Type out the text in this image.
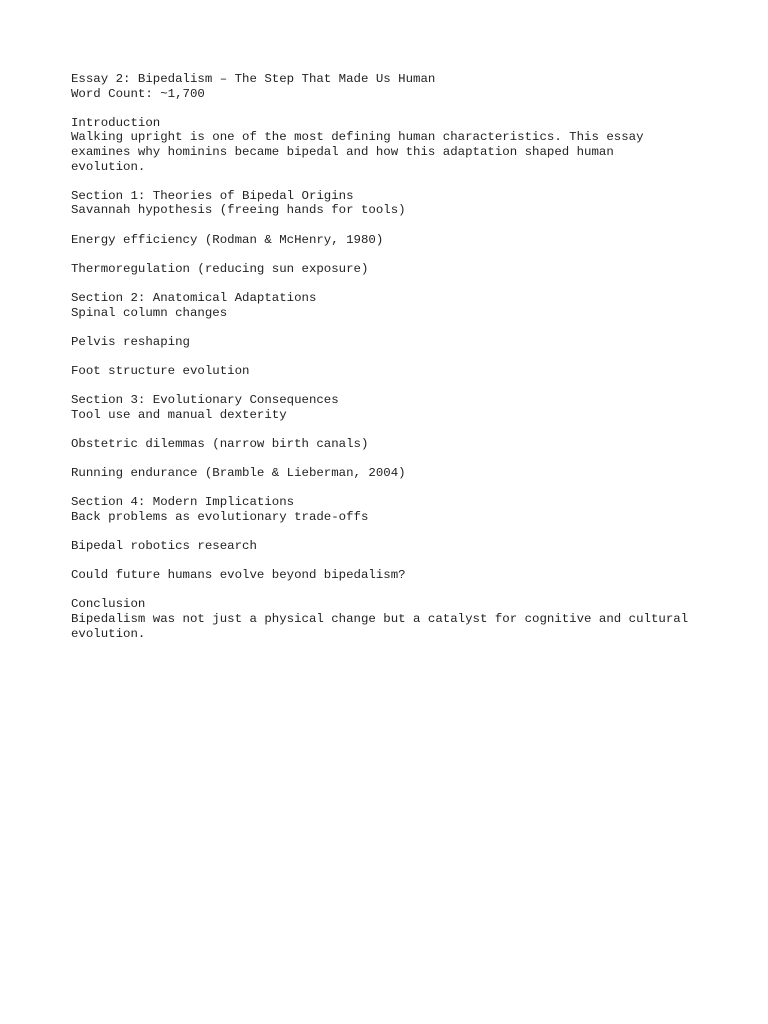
Essay 2: Bipedalism – The Step That Made Us Human
Word Count: ~1,700
Introduction
Walking upright is one of the most defining human characteristics. This essay
examines why hominins became bipedal and how this adaptation shaped human
evolution.
Section 1: Theories of Bipedal Origins
Savannah hypothesis (freeing hands for tools)
Energy efficiency (Rodman & McHenry, 1980)
Thermoregulation (reducing sun exposure)
Section 2: Anatomical Adaptations
Spinal column changes
Pelvis reshaping
Foot structure evolution
Section 3: Evolutionary Consequences
Tool use and manual dexterity
Obstetric dilemmas (narrow birth canals)
Running endurance (Bramble & Lieberman, 2004)
Section 4: Modern Implications
Back problems as evolutionary trade-offs
Bipedal robotics research
Could future humans evolve beyond bipedalism?
Conclusion
Bipedalism was not just a physical change but a catalyst for cognitive and cultural
evolution.
